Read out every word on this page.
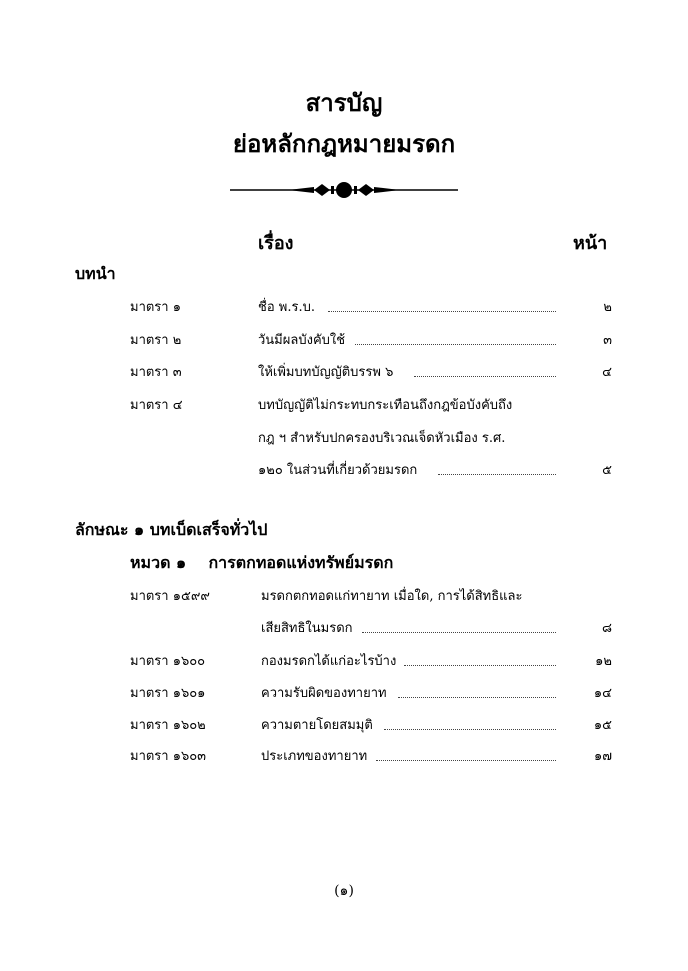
สารบัญ
ย่อหลักกฎหมายมรดก
เรื่อง	หน้า
บทนำ
มาตรา ๑	ชื่อ พ.ร.บ.	๒
มาตรา ๒	วันมีผลบังคับใช้	๓
มาตรา ๓	ให้เพิ่มบทบัญญัติบรรพ ๖	๔
มาตรา ๔	บทบัญญัติไม่กระทบกระเทือนถึงกฎข้อบังคับถึง
กฎ ฯ สำหรับปกครองบริเวณเจ็ดหัวเมือง ร.ศ.
๑๒๐ ในส่วนที่เกี่ยวด้วยมรดก	๕
ลักษณะ ๑ บทเบ็ดเสร็จทั่วไป
หมวด ๑    การตกทอดแห่งทรัพย์มรดก
มาตรา ๑๕๙๙	มรดกตกทอดแก่ทายาท เมื่อใด, การได้สิทธิและ
เสียสิทธิในมรดก	๘
มาตรา ๑๖๐๐	กองมรดกได้แก่อะไรบ้าง	๑๒
มาตรา ๑๖๐๑	ความรับผิดของทายาท	๑๔
มาตรา ๑๖๐๒	ความตายโดยสมมุติ	๑๕
มาตรา ๑๖๐๓	ประเภทของทายาท	๑๗
(๑)
